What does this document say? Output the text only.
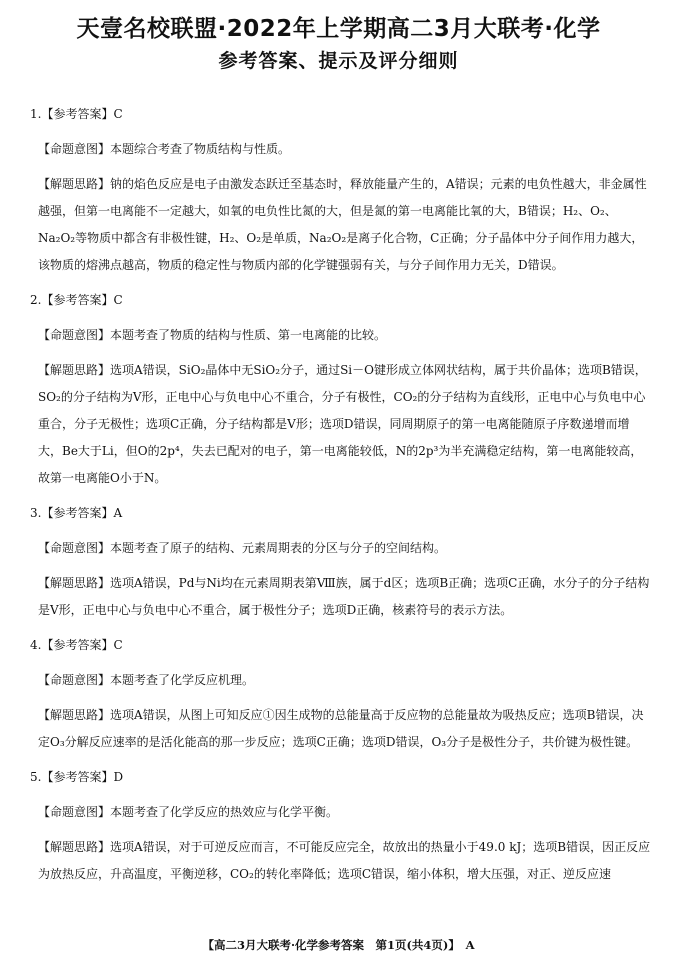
天壹名校联盟·2022年上学期高二3月大联考·化学
参考答案、提示及评分细则

1.【参考答案】C

【命题意图】本题综合考查了物质结构与性质。

【解题思路】钠的焰色反应是电子由激发态跃迁至基态时，释放能量产生的，A错误；元素的电负性越大，非金属性越强，但第一电离能不一定越大，如氧的电负性比氮的大，但是氮的第一电离能比氧的大，B错误；H₂、O₂、Na₂O₂等物质中都含有非极性键，H₂、O₂是单质，Na₂O₂是离子化合物，C正确；分子晶体中分子间作用力越大，该物质的熔沸点越高，物质的稳定性与物质内部的化学键强弱有关，与分子间作用力无关，D错误。

2.【参考答案】C

【命题意图】本题考查了物质的结构与性质、第一电离能的比较。

【解题思路】选项A错误，SiO₂晶体中无SiO₂分子，通过Si－O键形成立体网状结构，属于共价晶体；选项B错误，SO₂的分子结构为V形，正电中心与负电中心不重合，分子有极性，CO₂的分子结构为直线形，正电中心与负电中心重合，分子无极性；选项C正确，分子结构都是V形；选项D错误，同周期原子的第一电离能随原子序数递增而增大，Be大于Li，但O的2p⁴，失去已配对的电子，第一电离能较低，N的2p³为半充满稳定结构，第一电离能较高，故第一电离能O小于N。

3.【参考答案】A

【命题意图】本题考查了原子的结构、元素周期表的分区与分子的空间结构。

【解题思路】选项A错误，Pd与Ni均在元素周期表第Ⅷ族，属于d区；选项B正确；选项C正确，水分子的分子结构是V形，正电中心与负电中心不重合，属于极性分子；选项D正确，核素符号的表示方法。

4.【参考答案】C

【命题意图】本题考查了化学反应机理。

【解题思路】选项A错误，从图上可知反应①因生成物的总能量高于反应物的总能量故为吸热反应；选项B错误，决定O₃分解反应速率的是活化能高的那一步反应；选项C正确；选项D错误，O₃分子是极性分子，共价键为极性键。

5.【参考答案】D

【命题意图】本题考查了化学反应的热效应与化学平衡。

【解题思路】选项A错误，对于可逆反应而言，不可能反应完全，故放出的热量小于49.0 kJ；选项B错误，因正反应为放热反应，升高温度，平衡逆移，CO₂的转化率降低；选项C错误，缩小体积，增大压强，对正、逆反应速

【高二3月大联考·化学参考答案　第1页(共4页)】　A
